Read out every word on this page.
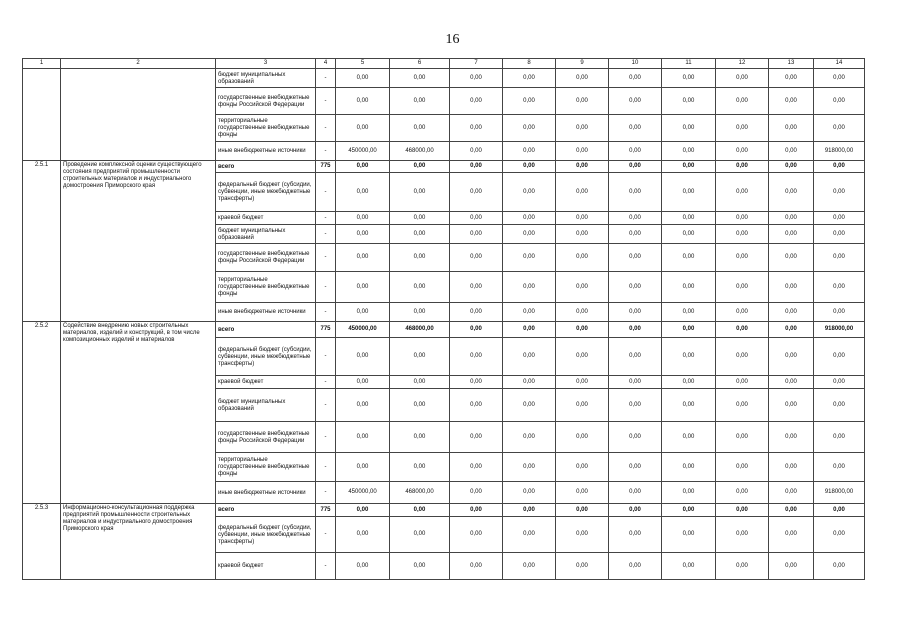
16
1	2	3	4	5	6	7	8	9	10	11	12	13	14
		бюджет муниципальных образований	-	0,00	0,00	0,00	0,00	0,00	0,00	0,00	0,00	0,00	0,00
		государственные внебюджетные фонды Российской Федерации	-	0,00	0,00	0,00	0,00	0,00	0,00	0,00	0,00	0,00	0,00
		территориальные государственные внебюджетные фонды	-	0,00	0,00	0,00	0,00	0,00	0,00	0,00	0,00	0,00	0,00
		иные внебюджетные источники	-	450000,00	468000,00	0,00	0,00	0,00	0,00	0,00	0,00	0,00	918000,00
2.5.1	Проведение комплексной оценки существующего состояния предприятий промышленности строительных материалов и индустриального домостроения Приморского края	всего	775	0,00	0,00	0,00	0,00	0,00	0,00	0,00	0,00	0,00	0,00
		федеральный бюджет (субсидии, субвенции, иные межбюджетные трансферты)	-	0,00	0,00	0,00	0,00	0,00	0,00	0,00	0,00	0,00	0,00
		краевой бюджет	-	0,00	0,00	0,00	0,00	0,00	0,00	0,00	0,00	0,00	0,00
		бюджет муниципальных образований	-	0,00	0,00	0,00	0,00	0,00	0,00	0,00	0,00	0,00	0,00
		государственные внебюджетные фонды Российской Федерации	-	0,00	0,00	0,00	0,00	0,00	0,00	0,00	0,00	0,00	0,00
		территориальные государственные внебюджетные фонды	-	0,00	0,00	0,00	0,00	0,00	0,00	0,00	0,00	0,00	0,00
		иные внебюджетные источники	-	0,00	0,00	0,00	0,00	0,00	0,00	0,00	0,00	0,00	0,00
2.5.2	Содействие внедрению новых строительных материалов, изделий и конструкций, в том числе композиционных изделий и материалов	всего	775	450000,00	468000,00	0,00	0,00	0,00	0,00	0,00	0,00	0,00	918000,00
		федеральный бюджет (субсидии, субвенции, иные межбюджетные трансферты)	-	0,00	0,00	0,00	0,00	0,00	0,00	0,00	0,00	0,00	0,00
		краевой бюджет	-	0,00	0,00	0,00	0,00	0,00	0,00	0,00	0,00	0,00	0,00
		бюджет муниципальных образований	-	0,00	0,00	0,00	0,00	0,00	0,00	0,00	0,00	0,00	0,00
		государственные внебюджетные фонды Российской Федерации	-	0,00	0,00	0,00	0,00	0,00	0,00	0,00	0,00	0,00	0,00
		территориальные государственные внебюджетные фонды	-	0,00	0,00	0,00	0,00	0,00	0,00	0,00	0,00	0,00	0,00
		иные внебюджетные источники	-	450000,00	468000,00	0,00	0,00	0,00	0,00	0,00	0,00	0,00	918000,00
2.5.3	Информационно-консультационная поддержка предприятий промышленности строительных материалов и индустриального домостроения Приморского края	всего	775	0,00	0,00	0,00	0,00	0,00	0,00	0,00	0,00	0,00	0,00
		федеральный бюджет (субсидии, субвенции, иные межбюджетные трансферты)	-	0,00	0,00	0,00	0,00	0,00	0,00	0,00	0,00	0,00	0,00
		краевой бюджет	-	0,00	0,00	0,00	0,00	0,00	0,00	0,00	0,00	0,00	0,00
